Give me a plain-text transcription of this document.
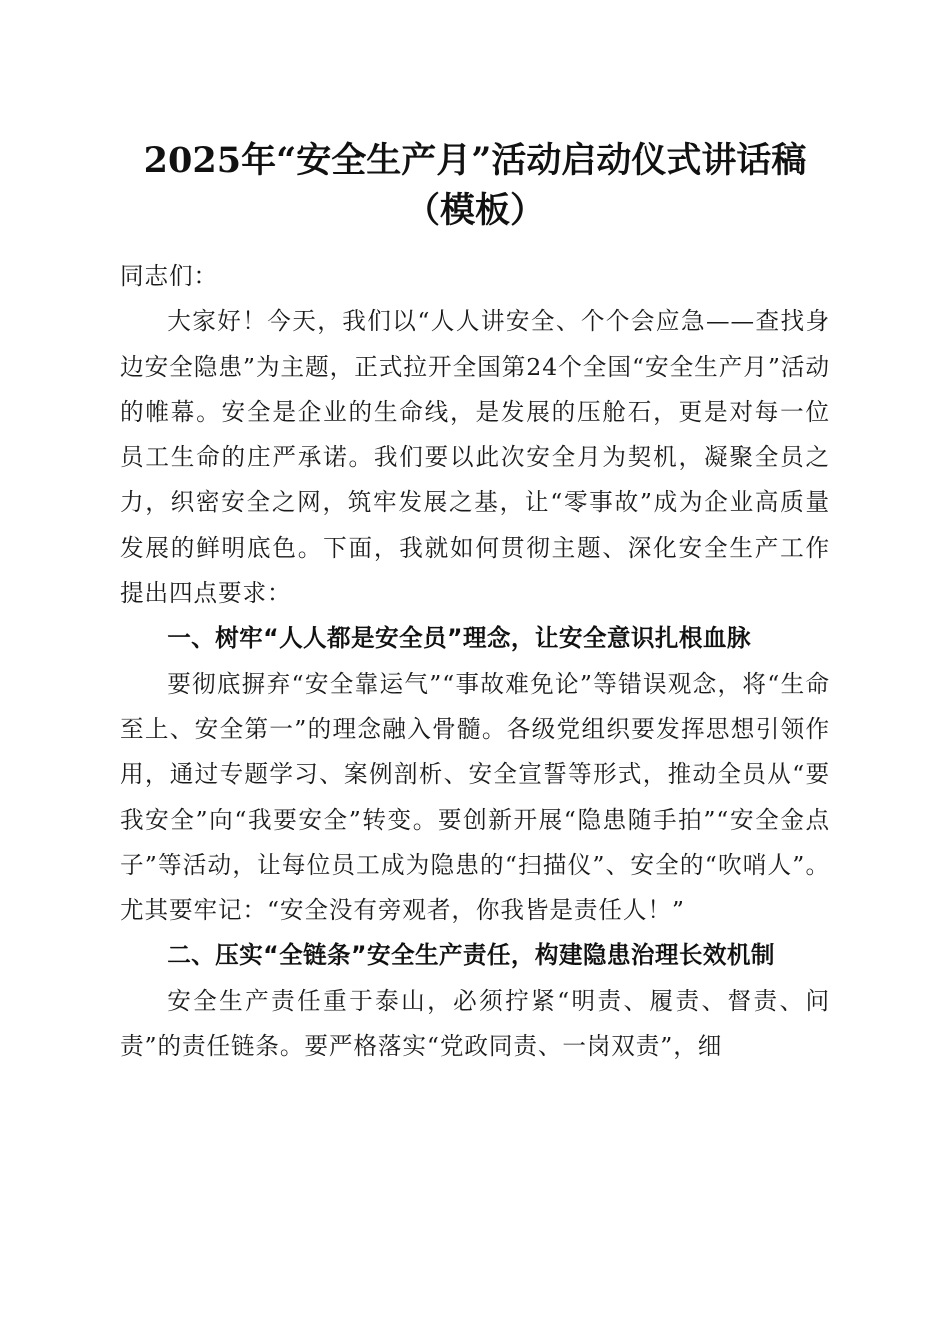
2025年“安全生产月”活动启动仪式讲话稿
（模板）

同志们：

大家好！今天，我们以“人人讲安全、个个会应急——查找身边安全隐患”为主题，正式拉开全国第24个全国“安全生产月”活动的帷幕。安全是企业的生命线，是发展的压舱石，更是对每一位员工生命的庄严承诺。我们要以此次安全月为契机，凝聚全员之力，织密安全之网，筑牢发展之基，让“零事故”成为企业高质量发展的鲜明底色。下面，我就如何贯彻主题、深化安全生产工作提出四点要求：

一、树牢“人人都是安全员”理念，让安全意识扎根血脉

要彻底摒弃“安全靠运气”“事故难免论”等错误观念，将“生命至上、安全第一”的理念融入骨髓。各级党组织要发挥思想引领作用，通过专题学习、案例剖析、安全宣誓等形式，推动全员从“要我安全”向“我要安全”转变。要创新开展“隐患随手拍”“安全金点子”等活动，让每位员工成为隐患的“扫描仪”、安全的“吹哨人”。尤其要牢记：“安全没有旁观者，你我皆是责任人！”

二、压实“全链条”安全生产责任，构建隐患治理长效机制

安全生产责任重于泰山，必须拧紧“明责、履责、督责、问责”的责任链条。要严格落实“党政同责、一岗双责”，细
